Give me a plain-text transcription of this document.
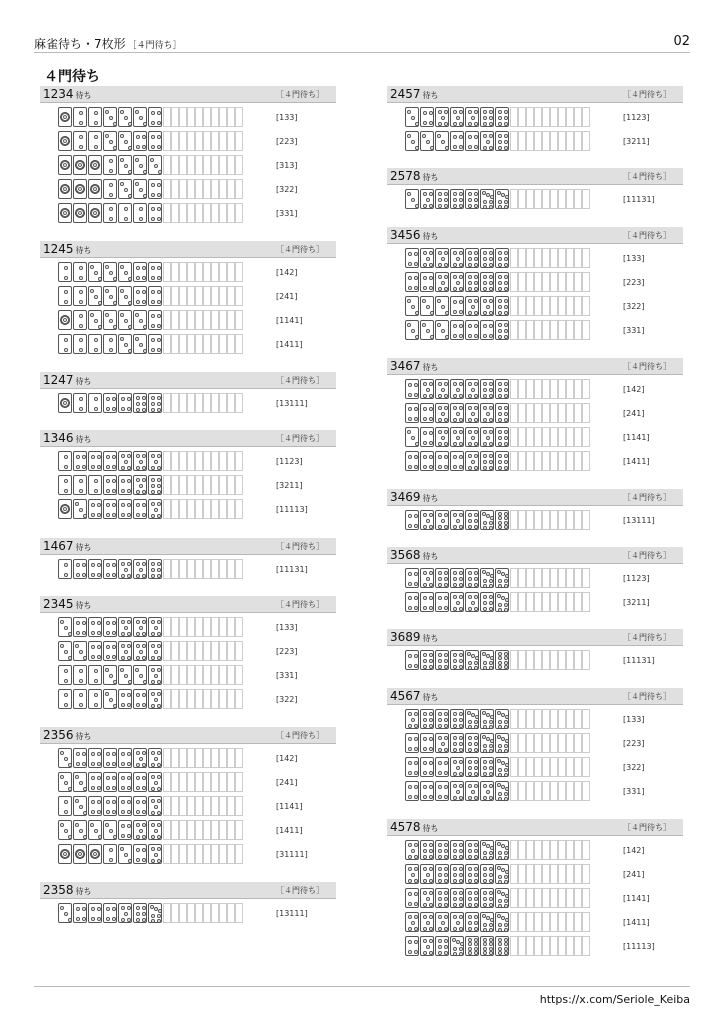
麻雀待ち・7枚形 ［４門待ち］	02
４門待ち
1234 待ち	［４門待ち］
[133]
[223]
[313]
[322]
[331]
1245 待ち	［４門待ち］
[142]
[241]
[1141]
[1411]
1247 待ち	［４門待ち］
[13111]
1346 待ち	［４門待ち］
[1123]
[3211]
[11113]
1467 待ち	［４門待ち］
[11131]
2345 待ち	［４門待ち］
[133]
[223]
[331]
[322]
2356 待ち	［４門待ち］
[142]
[241]
[1141]
[1411]
[31111]
2358 待ち	［４門待ち］
[13111]
2457 待ち	［４門待ち］
[1123]
[3211]
2578 待ち	［４門待ち］
[11131]
3456 待ち	［４門待ち］
[133]
[223]
[322]
[331]
3467 待ち	［４門待ち］
[142]
[241]
[1141]
[1411]
3469 待ち	［４門待ち］
[13111]
3568 待ち	［４門待ち］
[1123]
[3211]
3689 待ち	［４門待ち］
[11131]
4567 待ち	［４門待ち］
[133]
[223]
[322]
[331]
4578 待ち	［４門待ち］
[142]
[241]
[1141]
[1411]
[11113]
https://x.com/Seriole_Keiba
